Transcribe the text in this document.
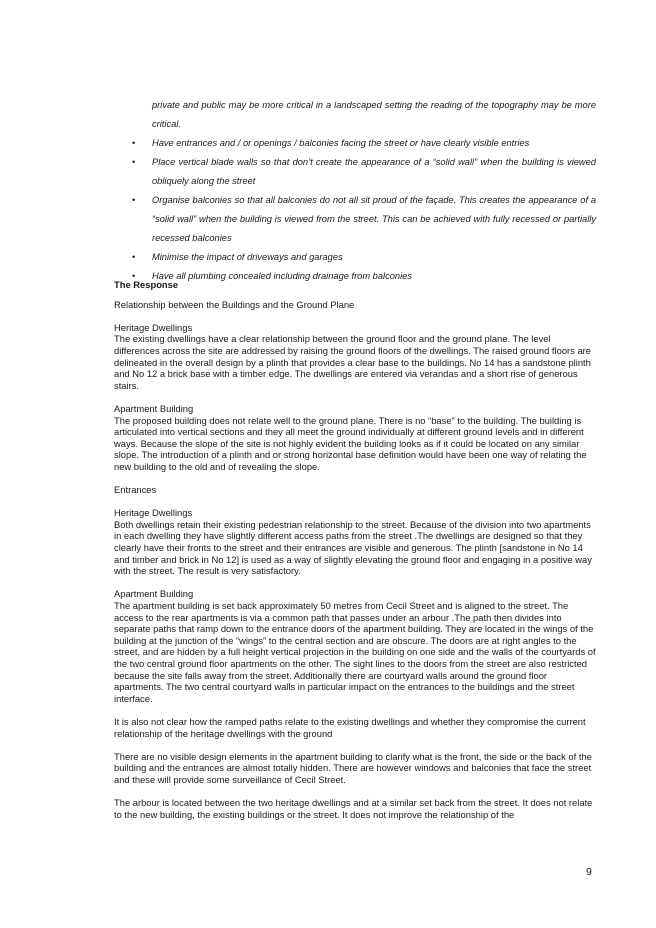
private and public may be more critical in a landscaped setting the reading of the topography may be more critical.
• Have entrances and / or openings / balconies facing the street or have clearly visible entries
• Place vertical blade walls so that don’t create the appearance of a “solid wall” when the building is viewed obliquely along the street
• Organise balconies so that all balconies do not all sit proud of the façade. This creates the appearance of a “solid wall” when the building is viewed from the street. This can be achieved with fully recessed or partially recessed balconies
• Minimise the impact of driveways and garages
• Have all plumbing concealed including drainage from balconies

The Response

Relationship between the Buildings and the Ground Plane

Heritage Dwellings

The existing dwellings have a clear relationship between the ground floor and the ground plane. The level differences across the site are addressed by raising the ground floors of the dwellings. The raised ground floors are delineated in the overall design by a plinth that provides a clear base to the buildings. No 14 has a sandstone plinth and No 12 a brick base with a timber edge. The dwellings are entered via verandas and a short rise of generous stairs.

Apartment Building

The proposed building does not relate well to the ground plane. There is no “base” to the building. The building is articulated into vertical sections and they all meet the ground individually at different ground levels and in different ways. Because the slope of the site is not highly evident the building looks as if it could be located on any similar slope. The introduction of a plinth and or strong horizontal base definition would have been one way of relating the new building to the old and of revealing the slope.

Entrances

Heritage Dwellings

Both dwellings retain their existing pedestrian relationship to the street. Because of the division into two apartments in each dwelling they have slightly different access paths from the street .The dwellings are designed so that they clearly have their fronts to the street and their entrances are visible and generous. The plinth [sandstone in No 14 and timber and brick in No 12] is used as a way of slightly elevating the ground floor and engaging in a positive way with the street. The result is very satisfactory.

Apartment Building

The apartment building is set back approximately 50 metres from Cecil Street and is aligned to the street. The access to the rear apartments is via a common path that passes under an arbour .The path then divides into separate paths that ramp down to the entrance doors of the apartment building. They are located in the wings of the building at the junction of the “wings” to the central section and are obscure. The doors are at right angles to the street, and are hidden by a full height vertical projection in the building on one side and the walls of the courtyards of the two central ground floor apartments on the other. The sight lines to the doors from the street are also restricted because the site falls away from the street. Additionally there are courtyard walls around the ground floor apartments. The two central courtyard walls in particular impact on the entrances to the buildings and the street interface.

It is also not clear how the ramped paths relate to the existing dwellings and whether they compromise the current relationship of the heritage dwellings with the ground

There are no visible design elements in the apartment building to clarify what is the front, the side or the back of the building and the entrances are almost totally hidden. There are however windows and balconies that face the street and these will provide some surveillance of Cecil Street.

The arbour is located between the two heritage dwellings and at a similar set back from the street. It does not relate to the new building, the existing buildings or the street. It does not improve the relationship of the

9
